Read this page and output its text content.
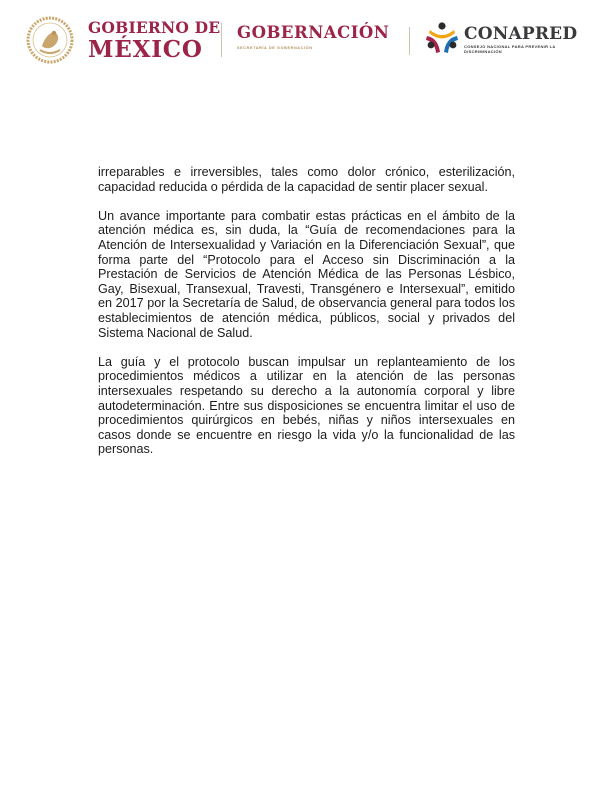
GOBIERNO DE
MÉXICO
GOBERNACIÓN
SECRETARÍA DE GOBERNACIÓN
CONAPRED
CONSEJO NACIONAL PARA PREVENIR LA DISCRIMINACIÓN

irreparables e irreversibles, tales como dolor crónico, esterilización, capacidad reducida o pérdida de la capacidad de sentir placer sexual.

Un avance importante para combatir estas prácticas en el ámbito de la atención médica es, sin duda, la “Guía de recomendaciones para la Atención de Intersexualidad y Variación en la Diferenciación Sexual”, que forma parte del “Protocolo para el Acceso sin Discriminación a la Prestación de Servicios de Atención Médica de las Personas Lésbico, Gay, Bisexual, Transexual, Travesti, Transgénero e Intersexual”, emitido en 2017 por la Secretaría de Salud, de observancia general para todos los establecimientos de atención médica, públicos, social y privados del Sistema Nacional de Salud.

La guía y el protocolo buscan impulsar un replanteamiento de los procedimientos médicos a utilizar en la atención de las personas intersexuales respetando su derecho a la autonomía corporal y libre autodeterminación. Entre sus disposiciones se encuentra limitar el uso de procedimientos quirúrgicos en bebés, niñas y niños intersexuales en casos donde se encuentre en riesgo la vida y/o la funcionalidad de las personas.
